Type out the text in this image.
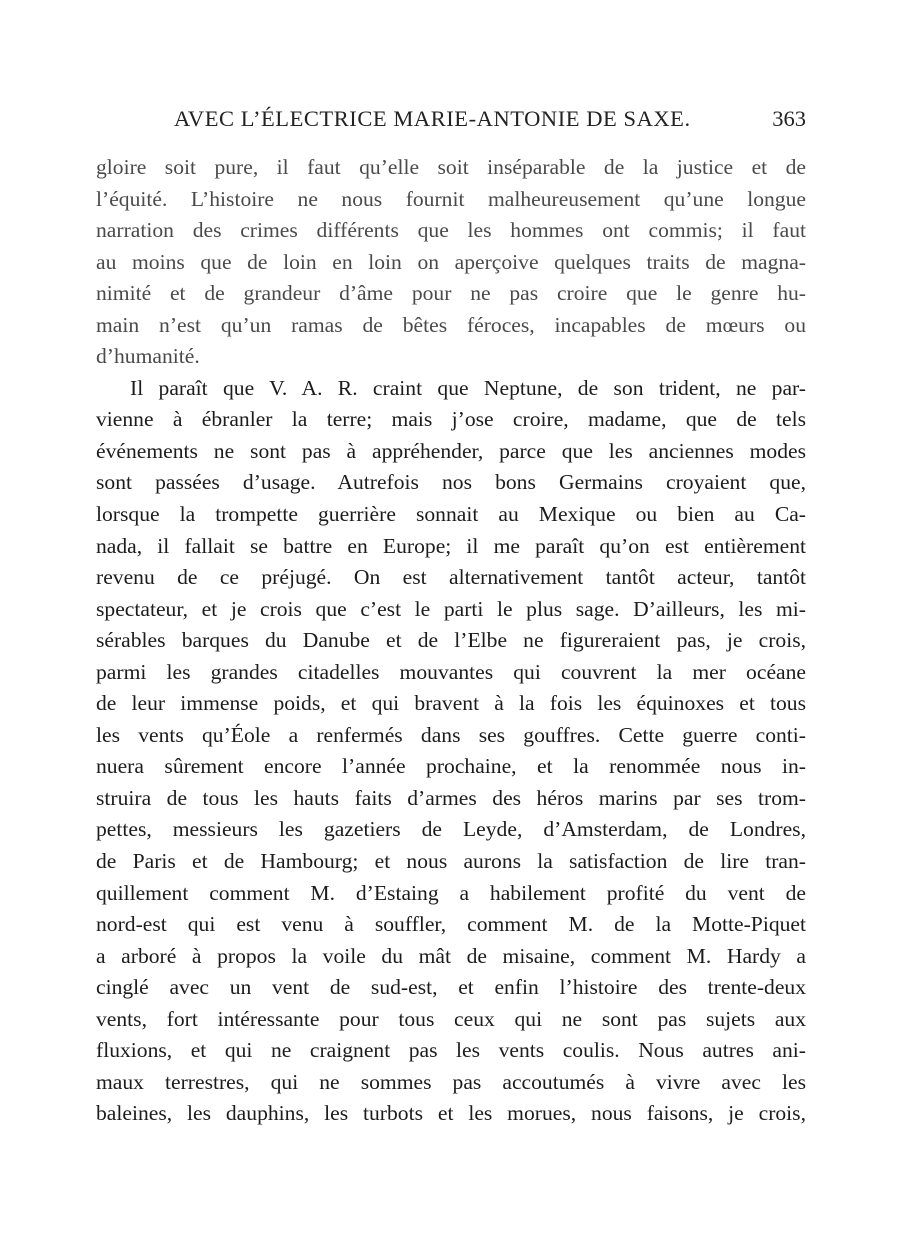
AVEC L’ÉLECTRICE MARIE-ANTONIE DE SAXE.	363
gloire soit pure, il faut qu’elle soit inséparable de la justice et de
l’équité. L’histoire ne nous fournit malheureusement qu’une longue
narration des crimes différents que les hommes ont commis; il faut
au moins que de loin en loin on aperçoive quelques traits de magna-
nimité et de grandeur d’âme pour ne pas croire que le genre hu-
main n’est qu’un ramas de bêtes féroces, incapables de mœurs ou
d’humanité.
Il paraît que V. A. R. craint que Neptune, de son trident, ne par-
vienne à ébranler la terre; mais j’ose croire, madame, que de tels
événements ne sont pas à appréhender, parce que les anciennes modes
sont passées d’usage. Autrefois nos bons Germains croyaient que,
lorsque la trompette guerrière sonnait au Mexique ou bien au Ca-
nada, il fallait se battre en Europe; il me paraît qu’on est entièrement
revenu de ce préjugé. On est alternativement tantôt acteur, tantôt
spectateur, et je crois que c’est le parti le plus sage. D’ailleurs, les mi-
sérables barques du Danube et de l’Elbe ne figureraient pas, je crois,
parmi les grandes citadelles mouvantes qui couvrent la mer océane
de leur immense poids, et qui bravent à la fois les équinoxes et tous
les vents qu’Éole a renfermés dans ses gouffres. Cette guerre conti-
nuera sûrement encore l’année prochaine, et la renommée nous in-
struira de tous les hauts faits d’armes des héros marins par ses trom-
pettes, messieurs les gazetiers de Leyde, d’Amsterdam, de Londres,
de Paris et de Hambourg; et nous aurons la satisfaction de lire tran-
quillement comment M. d’Estaing a habilement profité du vent de
nord-est qui est venu à souffler, comment M. de la Motte-Piquet
a arboré à propos la voile du mât de misaine, comment M. Hardy a
cinglé avec un vent de sud-est, et enfin l’histoire des trente-deux
vents, fort intéressante pour tous ceux qui ne sont pas sujets aux
fluxions, et qui ne craignent pas les vents coulis. Nous autres ani-
maux terrestres, qui ne sommes pas accoutumés à vivre avec les
baleines, les dauphins, les turbots et les morues, nous faisons, je crois,
